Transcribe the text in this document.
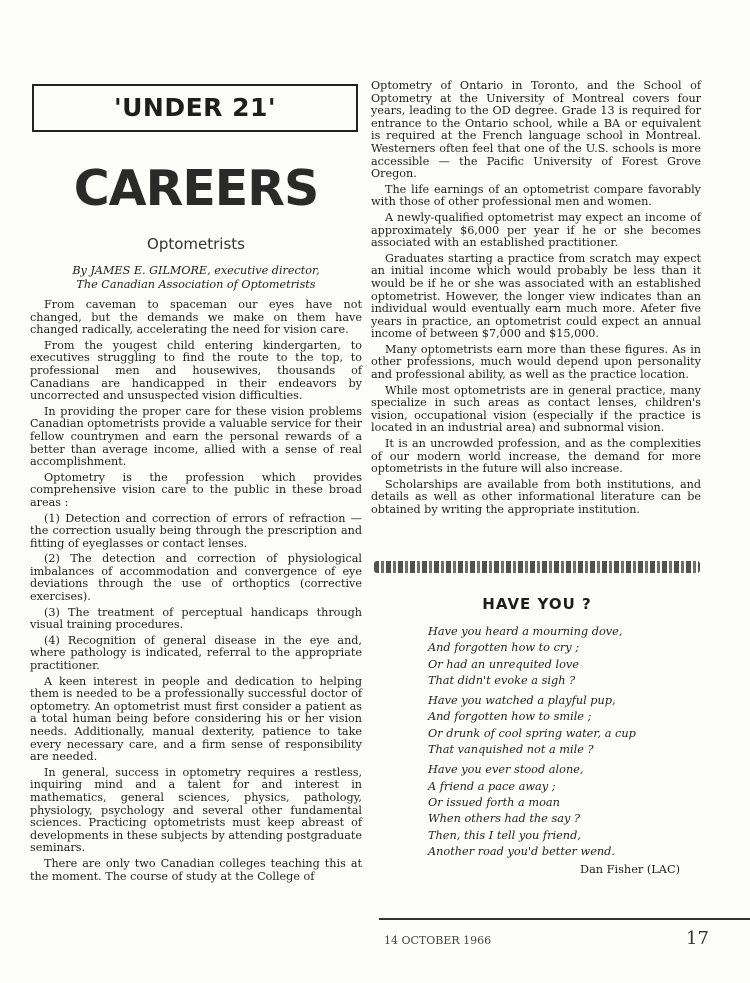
'UNDER 21'
CAREERS
Optometrists
By JAMES E. GILMORE, executive director,
The Canadian Association of Optometrists

From caveman to spaceman our eyes have not changed, but the demands we make on them have changed radically, accelerating the need for vision care.

From the yougest child entering kindergarten, to executives struggling to find the route to the top, to professional men and housewives, thousands of Canadians are handicapped in their endeavors by uncorrected and unsuspected vision difficulties.

In providing the proper care for these vision problems Canadian optometrists provide a valuable service for their fellow countrymen and earn the personal rewards of a better than average income, allied with a sense of real accomplishment.

Optometry is the profession which provides comprehensive vision care to the public in these broad areas :

(1) Detection and correction of errors of refraction — the correction usually being through the prescription and fitting of eyeglasses or contact lenses.

(2) The detection and correction of physiological imbalances of accommodation and convergence of eye deviations through the use of orthoptics (corrective exercises).

(3) The treatment of perceptual handicaps through visual training procedures.

(4) Recognition of general disease in the eye and, where pathology is indicated, referral to the appropriate practitioner.

A keen interest in people and dedication to helping them is needed to be a professionally successful doctor of optometry. An optometrist must first consider a patient as a total human being before considering his or her vision needs. Additionally, manual dexterity, patience to take every necessary care, and a firm sense of responsibility are needed.

In general, success in optometry requires a restless, inquiring mind and a talent for and interest in mathematics, general sciences, physics, pathology, physiology, psychology and several other fundamental sciences. Practicing optometrists must keep abreast of developments in these subjects by attending postgraduate seminars.

There are only two Canadian colleges teaching this at the moment. The course of study at the College of

Optometry of Ontario in Toronto, and the School of Optometry at the University of Montreal covers four years, leading to the OD degree. Grade 13 is required for entrance to the Ontario school, while a BA or equivalent is required at the French language school in Montreal. Westerners often feel that one of the U.S. schools is more accessible — the Pacific University of Forest Grove Oregon.

The life earnings of an optometrist compare favorably with those of other professional men and women.

A newly-qualified optometrist may expect an income of approximately $6,000 per year if he or she becomes associated with an established practitioner.

Graduates starting a practice from scratch may expect an initial income which would probably be less than it would be if he or she was associated with an established optometrist. However, the longer view indicates than an individual would eventually earn much more. Afeter five years in practice, an optometrist could expect an annual income of between $7,000 and $15,000.

Many optometrists earn more than these figures. As in other professions, much would depend upon personality and professional ability, as well as the practice location.

While most optometrists are in general practice, many specialize in such areas as contact lenses, children's vision, occupational vision (especially if the practice is located in an industrial area) and subnormal vision.

It is an uncrowded profession, and as the complexities of our modern world increase, the demand for more optometrists in the future will also increase.

Scholarships are available from both institutions, and details as well as other informational literature can be obtained by writing the appropriate institution.

HAVE YOU ?
Have you heard a mourning dove,
And forgotten how to cry ;
Or had an unrequited love
That didn't evoke a sigh ?
Have you watched a playful pup,
And forgotten how to smile ;
Or drunk of cool spring water, a cup
That vanquished not a mile ?
Have you ever stood alone,
A friend a pace away ;
Or issued forth a moan
When others had the say ?
Then, this I tell you friend,
Another road you'd better wend.
Dan Fisher (LAC)
14 OCTOBER 1966	17
